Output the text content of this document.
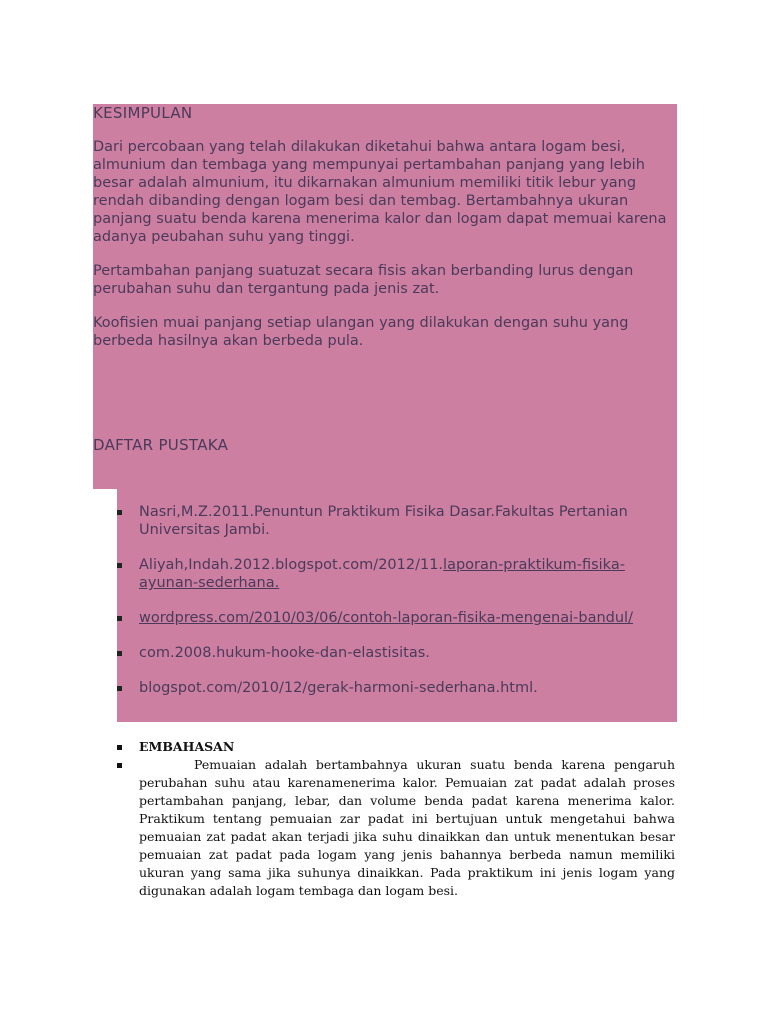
KESIMPULAN

Dari percobaan yang telah dilakukan diketahui bahwa antara logam besi, almunium dan tembaga yang mempunyai pertambahan panjang yang lebih besar adalah almunium, itu dikarnakan almunium memiliki titik lebur yang rendah dibanding dengan logam besi dan tembag. Bertambahnya ukuran panjang suatu benda karena menerima kalor dan logam dapat memuai karena adanya peubahan suhu yang tinggi.

Pertambahan panjang suatuzat secara fisis akan berbanding lurus dengan perubahan suhu dan tergantung pada jenis zat.

Koofisien muai panjang setiap ulangan yang dilakukan dengan suhu yang berbeda hasilnya akan berbeda pula.

DAFTAR PUSTAKA
Nasri,M.Z.2011.Penuntun Praktikum Fisika Dasar.Fakultas Pertanian Universitas Jambi.
Aliyah,Indah.2012.blogspot.com/2012/11.laporan-praktikum-fisika-ayunan-sederhana.
wordpress.com/2010/03/06/contoh-laporan-fisika-mengenai-bandul/
com.2008.hukum-hooke-dan-elastisitas.
blogspot.com/2010/12/gerak-harmoni-sederhana.html.
EMBAHASAN

Pemuaian adalah bertambahnya ukuran suatu benda karena pengaruh perubahan suhu atau karenamenerima kalor. Pemuaian zat padat adalah proses pertambahan panjang, lebar, dan volume benda padat karena menerima kalor. Praktikum tentang pemuaian zar padat ini bertujuan untuk mengetahui bahwa pemuaian zat padat akan terjadi jika suhu dinaikkan dan untuk menentukan besar pemuaian zat padat pada logam yang jenis bahannya berbeda namun memiliki ukuran yang sama jika suhunya dinaikkan. Pada praktikum ini jenis logam yang digunakan adalah logam tembaga dan logam besi.
